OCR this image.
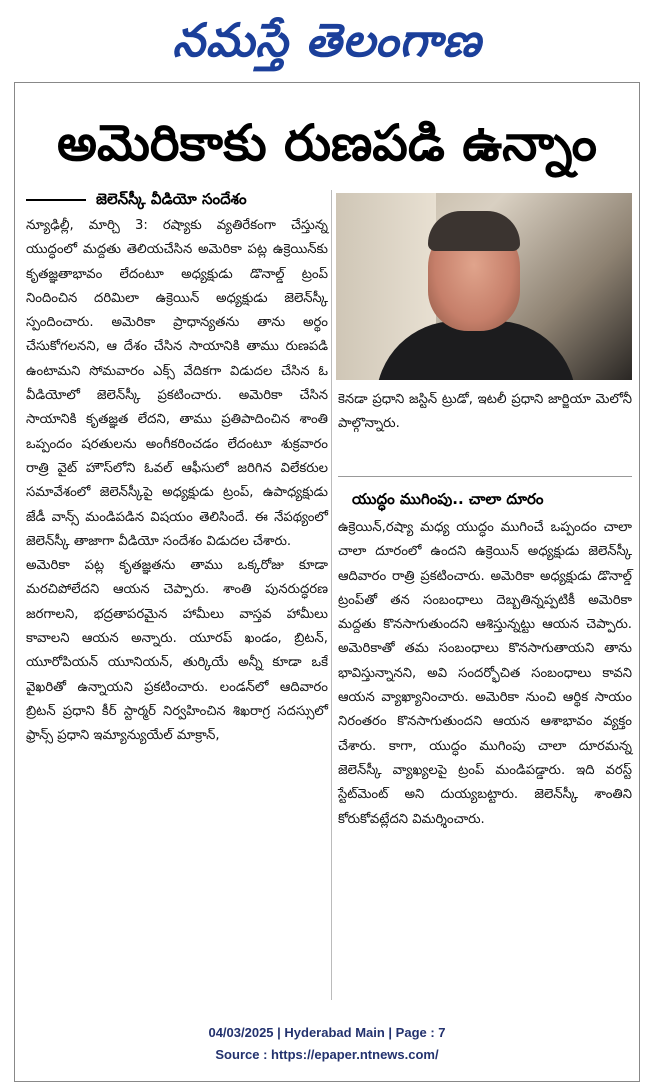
నమస్తే తెలంగాణ
అమెరికాకు రుణపడి ఉన్నాం
జెలెన్‌స్కీ వీడియో సందేశం

న్యూఢిల్లీ, మార్చి 3: రష్యాకు వ్యతిరేకంగా చేస్తున్న యుద్ధంలో మద్దతు తెలియచేసిన అమెరికా పట్ల ఉక్రెయిన్‌కు కృతజ్ఞతాభావం లేదంటూ అధ్యక్షుడు డొనాల్డ్ ట్రంప్ నిందించిన దరిమిలా ఉక్రెయిన్ అధ్యక్షుడు జెలెన్‌స్కీ స్పందించారు. అమెరికా ప్రాధాన్యతను తాను అర్థం చేసుకోగలనని, ఆ దేశం చేసిన సాయానికి తాము రుణపడి ఉంటామని సోమవారం ఎక్స్ వేదికగా విడుదల చేసిన ఓ వీడియోలో జెలెన్‌స్కీ ప్రకటించారు. అమెరికా చేసిన సాయానికి కృతజ్ఞత లేదని, తాము ప్రతిపాదించిన శాంతి ఒప్పందం షరతులను అంగీకరించడం లేదంటూ శుక్రవారం రాత్రి వైట్ హౌస్‌లోని ఓవల్ ఆఫీసులో జరిగిన విలేకరుల సమావేశంలో జెలెన్‌స్కీపై అధ్యక్షుడు ట్రంప్, ఉపాధ్యక్షుడు జేడీ వాన్స్ మండిపడిన విషయం తెలిసిందే. ఈ నేపథ్యంలో జెలెన్‌స్కీ తాజాగా వీడియో సందేశం విడుదల చేశారు.

అమెరికా పట్ల కృతజ్ఞతను తాము ఒక్కరోజు కూడా మరచిపోలేదని ఆయన చెప్పారు. శాంతి పునరుద్ధరణ జరగాలని, భద్రతాపరమైన హామీలు వాస్తవ హామీలు కావాలని ఆయన అన్నారు. యూరప్ ఖండం, బ్రిటన్, యూరోపియన్ యూనియన్, తుర్కియే అన్నీ కూడా ఒకే వైఖరితో ఉన్నాయని ప్రకటించారు. లండన్‌లో ఆదివారం బ్రిటన్ ప్రధాని కీర్ స్టార్మర్ నిర్వహించిన శిఖరాగ్ర సదస్సులో ఫ్రాన్స్ ప్రధాని ఇమ్యాన్యుయేల్ మాక్రాన్,

కెనడా ప్రధాని జస్టిన్ ట్రుడో, ఇటలీ ప్రధాని జార్జియా మెలోనీ పాల్గొన్నారు.

యుద్ధం ముగింపు.. చాలా దూరం

ఉక్రెయిన్,రష్యా మధ్య యుద్ధం ముగించే ఒప్పందం చాలా చాలా దూరంలో ఉందని ఉక్రెయిన్ అధ్యక్షుడు జెలెన్‌స్కీ ఆదివారం రాత్రి ప్రకటించారు. అమెరికా అధ్యక్షుడు డొనాల్డ్ ట్రంప్‌తో తన సంబంధాలు దెబ్బతిన్నప్పటికీ అమెరికా మద్దతు కొనసాగుతుందని ఆశిస్తున్నట్టు ఆయన చెప్పారు. అమెరికాతో తమ సంబంధాలు కొనసాగుతాయని తాను భావిస్తున్నానని, అవి సందర్భోచిత సంబంధాలు కావని ఆయన వ్యాఖ్యానించారు. అమెరికా నుంచి ఆర్థిక సాయం నిరంతరం కొనసాగుతుందని ఆయన ఆశాభావం వ్యక్తం చేశారు. కాగా, యుద్ధం ముగింపు చాలా దూరమన్న జెలెన్‌స్కీ వ్యాఖ్యలపై ట్రంప్ మండిపడ్డారు. ఇది వరస్ట్ స్టేట్‌మెంట్ అని దుయ్యబట్టారు. జెలెన్‌స్కీ శాంతిని కోరుకోవట్లేదని విమర్శించారు.

04/03/2025 | Hyderabad Main | Page : 7
Source : https://epaper.ntnews.com/
